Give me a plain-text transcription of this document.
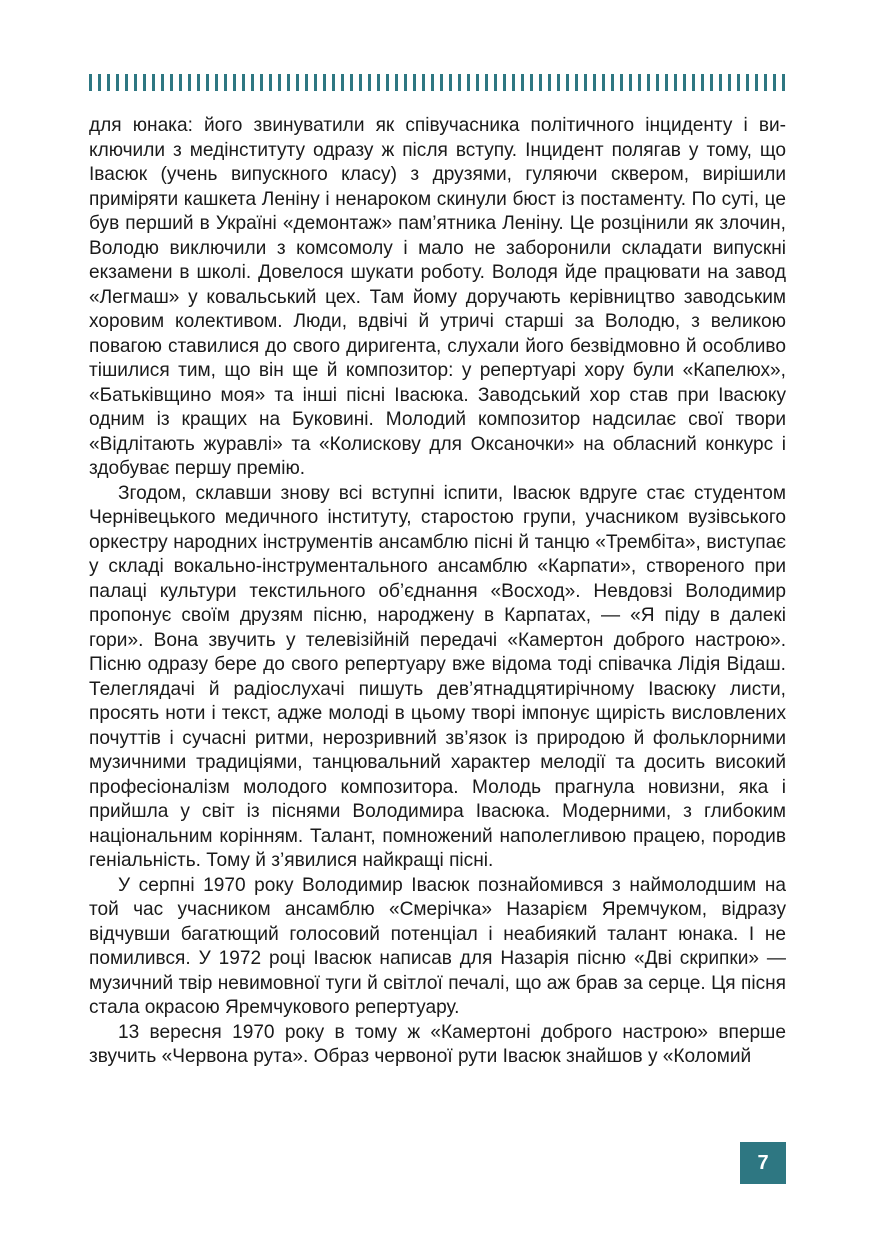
для юнака: його звинуватили як співучасника політичного інциденту і виключили з медінституту одразу ж після вступу. Інцидент полягав у тому, що Івасюк (учень випускного класу) з друзями, гуляючи сквером, вирішили приміряти кашкета Леніну і ненароком скинули бюст із постаменту. По суті, це був перший в Україні «демонтаж» пам’ятника Леніну. Це розцінили як злочин, Володю виключили з комсомолу і мало не заборонили складати випускні екзамени в школі. Довелося шукати роботу. Володя йде працювати на завод «Легмаш» у ковальський цех. Там йому доручають керівництво заводським хоровим колективом. Люди, вдвічі й утричі старші за Володю, з великою повагою ставилися до свого диригента, слухали його безвідмовно й особливо тішилися тим, що він ще й композитор: у репертуарі хору були «Капелюх», «Батьківщино моя» та інші пісні Івасюка. Заводський хор став при Івасюку одним із кращих на Буковині. Молодий композитор надсилає свої твори «Відлітають журавлі» та «Колискову для Оксаночки» на обласний конкурс і здобуває першу премію.

Згодом, склавши знову всі вступні іспити, Івасюк вдруге стає студентом Чернівецького медичного інституту, старостою групи, учасником вузівського оркестру народних інструментів ансамблю пісні й танцю «Трембіта», виступає у складі вокально-інструментального ансамблю «Карпати», створеного при палаці культури текстильного об’єднання «Восход». Невдовзі Володимир пропонує своїм друзям пісню, народжену в Карпатах, — «Я піду в далекі гори». Вона звучить у телевізійній передачі «Камертон доброго настрою». Пісню одразу бере до свого репертуару вже відома тоді співачка Лідія Відаш. Телеглядачі й радіослухачі пишуть дев’ятнадцятирічному Івасюку листи, просять ноти і текст, адже молоді в цьому творі імпонує щирість висловлених почуттів і сучасні ритми, нерозривний зв’язок із природою й фольклорними музичними традиціями, танцювальний характер мелодії та досить високий професіоналізм молодого композитора. Молодь прагнула новизни, яка і прийшла у світ із піснями Володимира Івасюка. Модерними, з глибоким національним корінням. Талант, помножений наполегливою працею, породив геніальність. Тому й з’явилися найкращі пісні.

У серпні 1970 року Володимир Івасюк познайомився з наймолодшим на той час учасником ансамблю «Смерічка» Назарієм Яремчуком, відразу відчувши багатющий голосовий потенціал і неабиякий талант юнака. І не помилився. У 1972 році Івасюк написав для Назарія пісню «Дві скрипки» — музичний твір невимовної туги й світлої печалі, що аж брав за серце. Ця пісня стала окрасою Яремчукового репертуару.

13 вересня 1970 року в тому ж «Камертоні доброго настрою» вперше звучить «Червона рута». Образ червоної рути Івасюк знайшов у «Коломий

7
